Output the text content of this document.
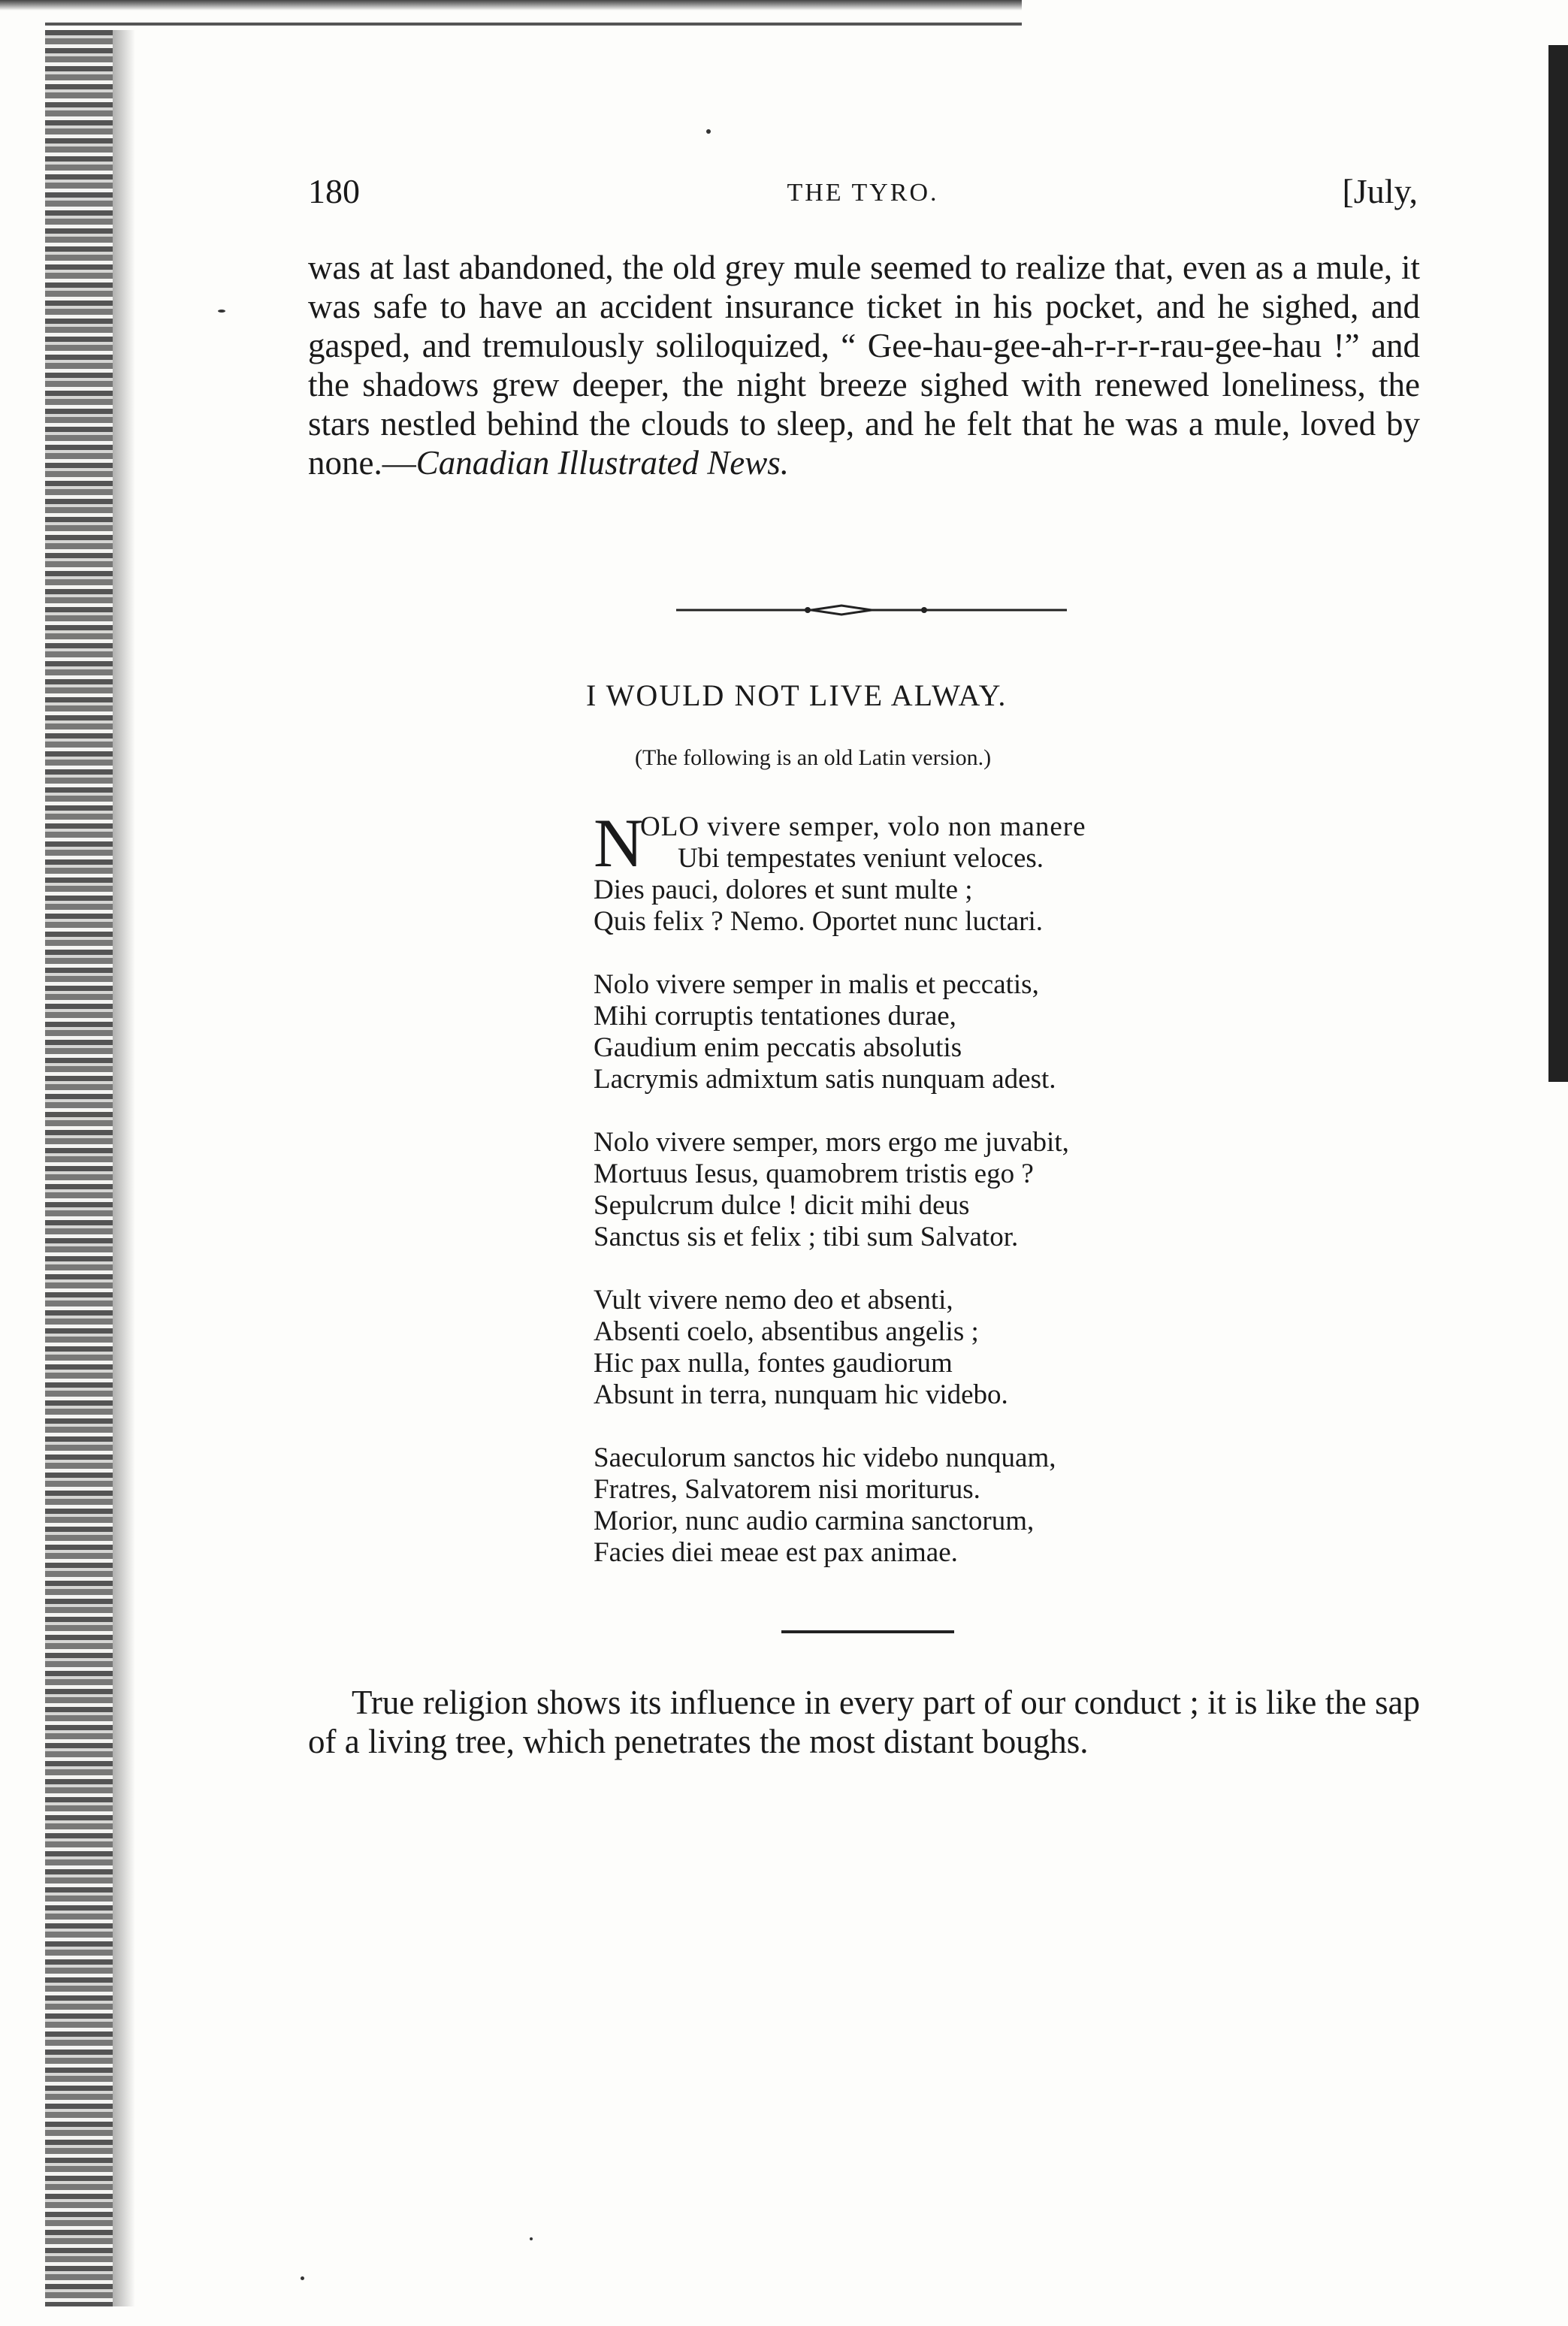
180	THE TYRO.	[July,

was at last abandoned, the old grey mule seemed to realize that, even as a mule, it was safe to have an accident insurance ticket in his pocket, and he sighed, and gasped, and tremulously soliloquized, “ Gee-hau-gee-ah-r-r-r-rau-gee-hau !” and the shadows grew deeper, the night breeze sighed with renewed loneliness, the stars nestled behind the clouds to sleep, and he felt that he was a mule, loved by none.—Canadian Illustrated News.

I WOULD NOT LIVE ALWAY.
(The following is an old Latin version.)
N
OLO vivere semper, volo non manere
Ubi tempestates veniunt veloces.
Dies pauci, dolores et sunt multe ;
Quis felix ? Nemo. Oportet nunc luctari.
Nolo vivere semper in malis et peccatis,
Mihi corruptis tentationes durae,
Gaudium enim peccatis absolutis
Lacrymis admixtum satis nunquam adest.
Nolo vivere semper, mors ergo me juvabit,
Mortuus Iesus, quamobrem tristis ego ?
Sepulcrum dulce ! dicit mihi deus
Sanctus sis et felix ; tibi sum Salvator.
Vult vivere nemo deo et absenti,
Absenti coelo, absentibus angelis ;
Hic pax nulla, fontes gaudiorum
Absunt in terra, nunquam hic videbo.
Saeculorum sanctos hic videbo nunquam,
Fratres, Salvatorem nisi moriturus.
Morior, nunc audio carmina sanctorum,
Facies diei meae est pax animae.

True religion shows its influence in every part of our conduct ; it is like the sap of a living tree, which penetrates the most distant boughs.
